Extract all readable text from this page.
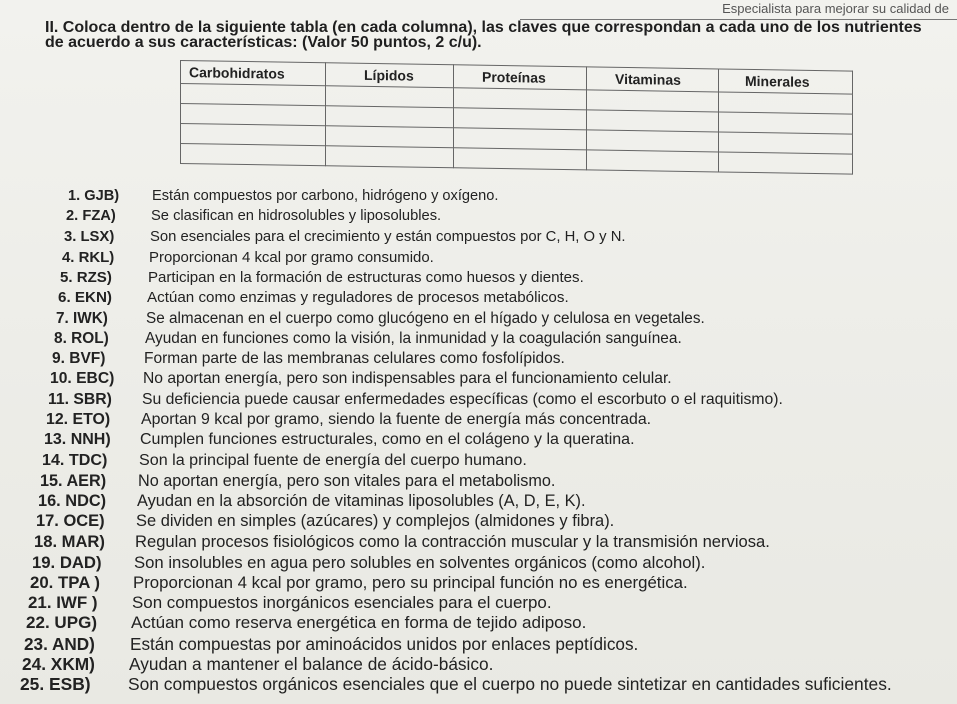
Especialista para mejorar su calidad de
II. Coloca dentro de la siguiente tabla (en cada columna), las claves que correspondan a cada uno de los nutrientes
de acuerdo a sus características: (Valor 50 puntos, 2 c/u).
Carbohidratos	Lípidos	Proteínas	Vitaminas	Minerales

1. GJB)	Están compuestos por carbono, hidrógeno y oxígeno.
2. FZA)	Se clasifican en hidrosolubles y liposolubles.
3. LSX)	Son esenciales para el crecimiento y están compuestos por C, H, O y N.
4. RKL)	Proporcionan 4 kcal por gramo consumido.
5. RZS)	Participan en la formación de estructuras como huesos y dientes.
6. EKN)	Actúan como enzimas y reguladores de procesos metabólicos.
7. IWK)	Se almacenan en el cuerpo como glucógeno en el hígado y celulosa en vegetales.
8. ROL)	Ayudan en funciones como la visión, la inmunidad y la coagulación sanguínea.
9. BVF)	Forman parte de las membranas celulares como fosfolípidos.
10. EBC)	No aportan energía, pero son indispensables para el funcionamiento celular.
11. SBR)	Su deficiencia puede causar enfermedades específicas (como el escorbuto o el raquitismo).
12. ETO)	Aportan 9 kcal por gramo, siendo la fuente de energía más concentrada.
13. NNH)	Cumplen funciones estructurales, como en el colágeno y la queratina.
14. TDC)	Son la principal fuente de energía del cuerpo humano.
15. AER)	No aportan energía, pero son vitales para el metabolismo.
16. NDC)	Ayudan en la absorción de vitaminas liposolubles (A, D, E, K).
17. OCE)	Se dividen en simples (azúcares) y complejos (almidones y fibra).
18. MAR)	Regulan procesos fisiológicos como la contracción muscular y la transmisión nerviosa.
19. DAD)	Son insolubles en agua pero solubles en solventes orgánicos (como alcohol).
20. TPA )	Proporcionan 4 kcal por gramo, pero su principal función no es energética.
21. IWF )	Son compuestos inorgánicos esenciales para el cuerpo.
22. UPG)	Actúan como reserva energética en forma de tejido adiposo.
23. AND)	Están compuestas por aminoácidos unidos por enlaces peptídicos.
24. XKM)	Ayudan a mantener el balance de ácido-básico.
25. ESB)	Son compuestos orgánicos esenciales que el cuerpo no puede sintetizar en cantidades suficientes.
